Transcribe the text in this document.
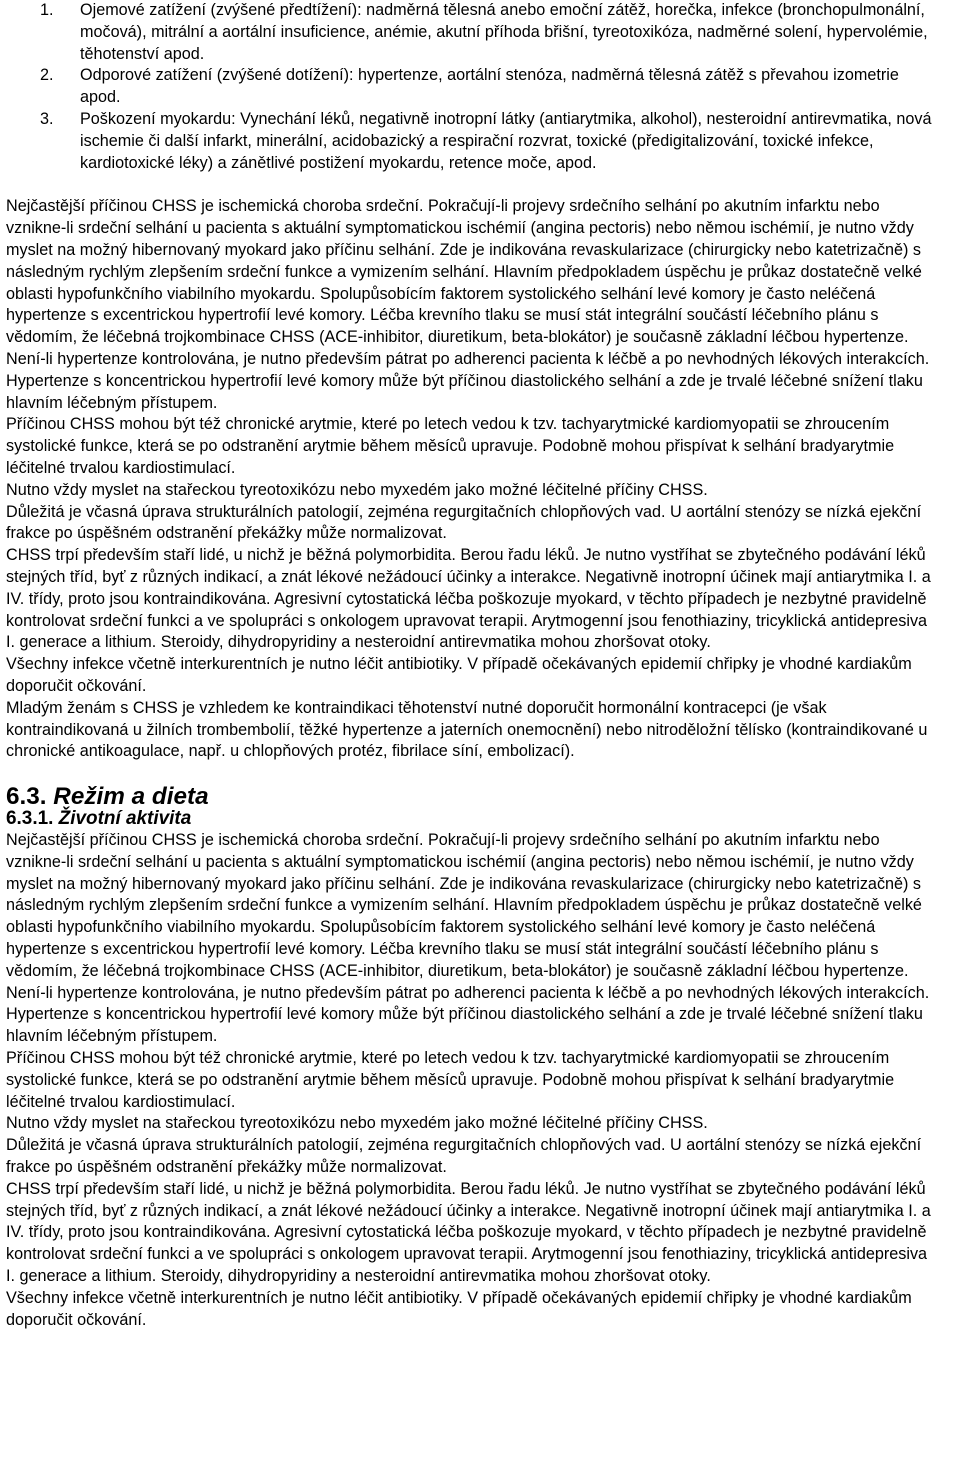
1. Ojemové zatížení (zvýšené předtížení): nadměrná tělesná anebo emoční zátěž, horečka, infekce (bronchopulmonální, močová), mitrální a aortální insuficience, anémie, akutní příhoda břišní, tyreotoxikóza, nadměrné solení, hypervolémie, těhotenství apod.
2. Odporové zatížení (zvýšené dotížení): hypertenze, aortální stenóza, nadměrná tělesná zátěž s převahou izometrie apod.
3. Poškození myokardu: Vynechání léků, negativně inotropní látky (antiarytmika, alkohol), nesteroidní antirevmatika, nová ischemie či další infarkt, minerální, acidobazický a respirační rozvrat, toxické (předigitalizování, toxické infekce, kardiotoxické léky) a zánětlivé postižení myokardu, retence moče, apod.

Nejčastější příčinou CHSS je ischemická choroba srdeční. Pokračují-li projevy srdečního selhání po akutním infarktu nebo vznikne-li srdeční selhání u pacienta s aktuální symptomatickou ischémií (angina pectoris) nebo němou ischémií, je nutno vždy myslet na možný hibernovaný myokard jako příčinu selhání. Zde je indikována revaskularizace (chirurgicky nebo katetrizačně) s následným rychlým zlepšením srdeční funkce a vymizením selhání. Hlavním předpokladem úspěchu je průkaz dostatečně velké oblasti hypofunkčního viabilního myokardu. Spolupůsobícím faktorem systolického selhání levé komory je často neléčená hypertenze s excentrickou hypertrofií levé komory. Léčba krevního tlaku se musí stát integrální součástí léčebního plánu s vědomím, že léčebná trojkombinace CHSS (ACE-inhibitor, diuretikum, beta-blokátor) je současně základní léčbou hypertenze. Není-li hypertenze kontrolována, je nutno především pátrat po adherenci pacienta k léčbě a po nevhodných lékových interakcích. Hypertenze s koncentrickou hypertrofií levé komory může být příčinou diastolického selhání a zde je trvalé léčebné snížení tlaku hlavním léčebným přístupem.

Příčinou CHSS mohou být též chronické arytmie, které po letech vedou k tzv. tachyarytmické kardiomyopatii se zhroucením systolické funkce, která se po odstranění arytmie během měsíců upravuje. Podobně mohou přispívat k selhání bradyarytmie léčitelné trvalou kardiostimulací.

Nutno vždy myslet na stařeckou tyreotoxikózu nebo myxedém jako možné léčitelné příčiny CHSS.

Důležitá je včasná úprava strukturálních patologií, zejména regurgitačních chlopňových vad. U aortální stenózy se nízká ejekční frakce po úspěšném odstranění překážky může normalizovat.

CHSS trpí především staří lidé, u nichž je běžná polymorbidita. Berou řadu léků. Je nutno vystříhat se zbytečného podávání léků stejných tříd, byť z různých indikací, a znát lékové nežádoucí účinky a interakce. Negativně inotropní účinek mají antiarytmika I. a IV. třídy, proto jsou kontraindikována. Agresivní cytostatická léčba poškozuje myokard, v těchto případech je nezbytné pravidelně kontrolovat srdeční funkci a ve spolupráci s onkologem upravovat terapii. Arytmogenní jsou fenothiaziny, tricyklická antidepresiva I. generace a lithium. Steroidy, dihydropyridiny a nesteroidní antirevmatika mohou zhoršovat otoky.

Všechny infekce včetně interkurentních je nutno léčit antibiotiky. V případě očekávaných epidemií chřipky je vhodné kardiakům doporučit očkování.

Mladým ženám s CHSS je vzhledem ke kontraindikaci těhotenství nutné doporučit hormonální kontracepci (je však kontraindikovaná u žilních trombembolií, těžké hypertenze a jaterních onemocnění) nebo nitroděložní tělísko (kontraindikované u chronické antikoagulace, např. u chlopňových protéz, fibrilace síní, embolizací).

6.3. Režim a dieta
6.3.1. Životní aktivita

Nejčastější příčinou CHSS je ischemická choroba srdeční. Pokračují-li projevy srdečního selhání po akutním infarktu nebo vznikne-li srdeční selhání u pacienta s aktuální symptomatickou ischémií (angina pectoris) nebo němou ischémií, je nutno vždy myslet na možný hibernovaný myokard jako příčinu selhání. Zde je indikována revaskularizace (chirurgicky nebo katetrizačně) s následným rychlým zlepšením srdeční funkce a vymizením selhání. Hlavním předpokladem úspěchu je průkaz dostatečně velké oblasti hypofunkčního viabilního myokardu. Spolupůsobícím faktorem systolického selhání levé komory je často neléčená hypertenze s excentrickou hypertrofií levé komory. Léčba krevního tlaku se musí stát integrální součástí léčebního plánu s vědomím, že léčebná trojkombinace CHSS (ACE-inhibitor, diuretikum, beta-blokátor) je současně základní léčbou hypertenze. Není-li hypertenze kontrolována, je nutno především pátrat po adherenci pacienta k léčbě a po nevhodných lékových interakcích. Hypertenze s koncentrickou hypertrofií levé komory může být příčinou diastolického selhání a zde je trvalé léčebné snížení tlaku hlavním léčebným přístupem.

Příčinou CHSS mohou být též chronické arytmie, které po letech vedou k tzv. tachyarytmické kardiomyopatii se zhroucením systolické funkce, která se po odstranění arytmie během měsíců upravuje. Podobně mohou přispívat k selhání bradyarytmie léčitelné trvalou kardiostimulací.

Nutno vždy myslet na stařeckou tyreotoxikózu nebo myxedém jako možné léčitelné příčiny CHSS.

Důležitá je včasná úprava strukturálních patologií, zejména regurgitačních chlopňových vad. U aortální stenózy se nízká ejekční frakce po úspěšném odstranění překážky může normalizovat.

CHSS trpí především staří lidé, u nichž je běžná polymorbidita. Berou řadu léků. Je nutno vystříhat se zbytečného podávání léků stejných tříd, byť z různých indikací, a znát lékové nežádoucí účinky a interakce. Negativně inotropní účinek mají antiarytmika I. a IV. třídy, proto jsou kontraindikována. Agresivní cytostatická léčba poškozuje myokard, v těchto případech je nezbytné pravidelně kontrolovat srdeční funkci a ve spolupráci s onkologem upravovat terapii. Arytmogenní jsou fenothiaziny, tricyklická antidepresiva I. generace a lithium. Steroidy, dihydropyridiny a nesteroidní antirevmatika mohou zhoršovat otoky.

Všechny infekce včetně interkurentních je nutno léčit antibiotiky. V případě očekávaných epidemií chřipky je vhodné kardiakům doporučit očkování.
